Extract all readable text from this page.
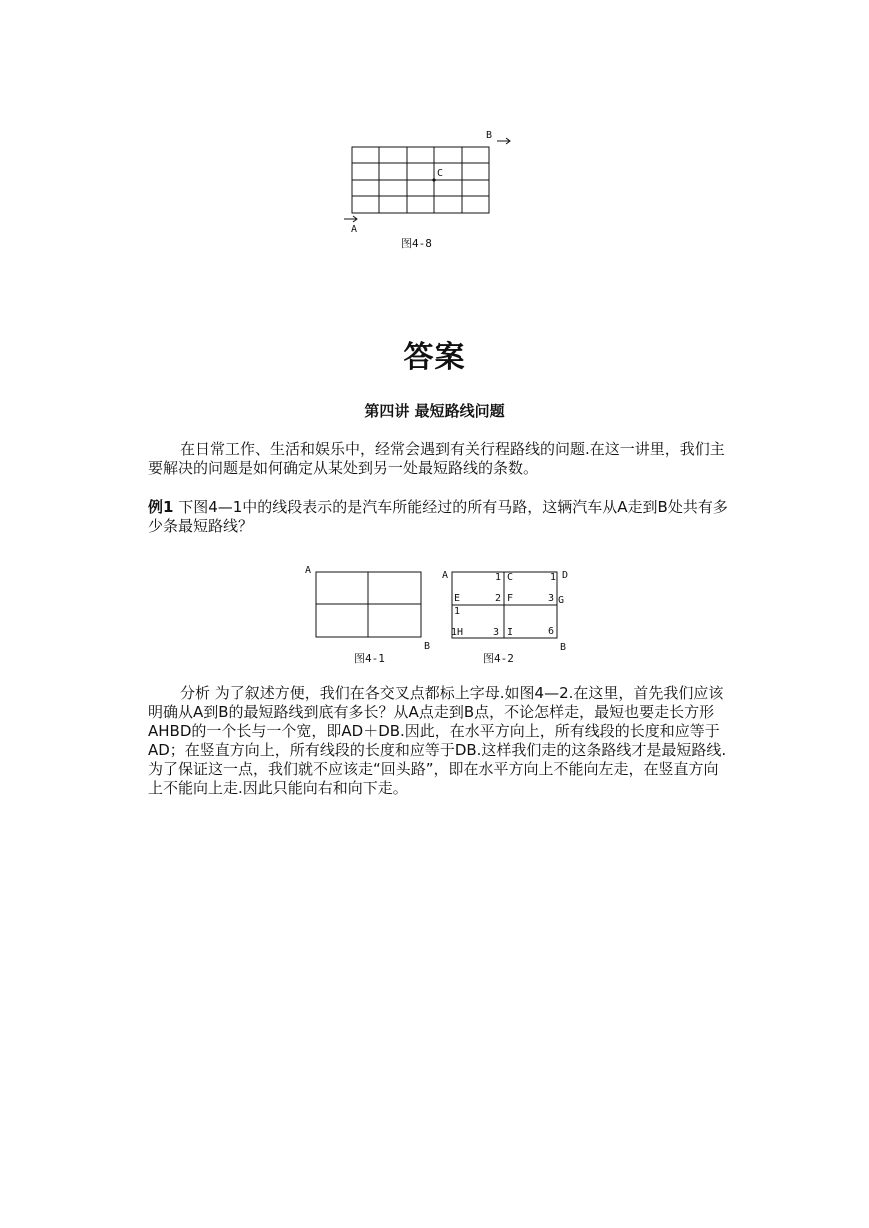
B
C
A
图4-8
答案
第四讲 最短路线问题
在日常工作、生活和娱乐中，经常会遇到有关行程路线的问题.在这一讲里，我们主要解决的问题是如何确定从某处到另一处最短路线的条数。
例1 下图4—1中的线段表示的是汽车所能经过的所有马路，这辆汽车从A走到B处共有多少条最短路线？
A
B
图4-1
A	1 C	1 D
E	2 F	3 G
1
1 H	3 I	6
B
图4-2
分析 为了叙述方便，我们在各交叉点都标上字母.如图4—2.在这里，首先我们应该明确从A到B的最短路线到底有多长？从A点走到B点，不论怎样走，最短也要走长方形AHBD的一个长与一个宽，即AD＋DB.因此，在水平方向上，所有线段的长度和应等于AD；在竖直方向上，所有线段的长度和应等于DB.这样我们走的这条路线才是最短路线.为了保证这一点，我们就不应该走“回头路”，即在水平方向上不能向左走，在竖直方向上不能向上走.因此只能向右和向下走。
